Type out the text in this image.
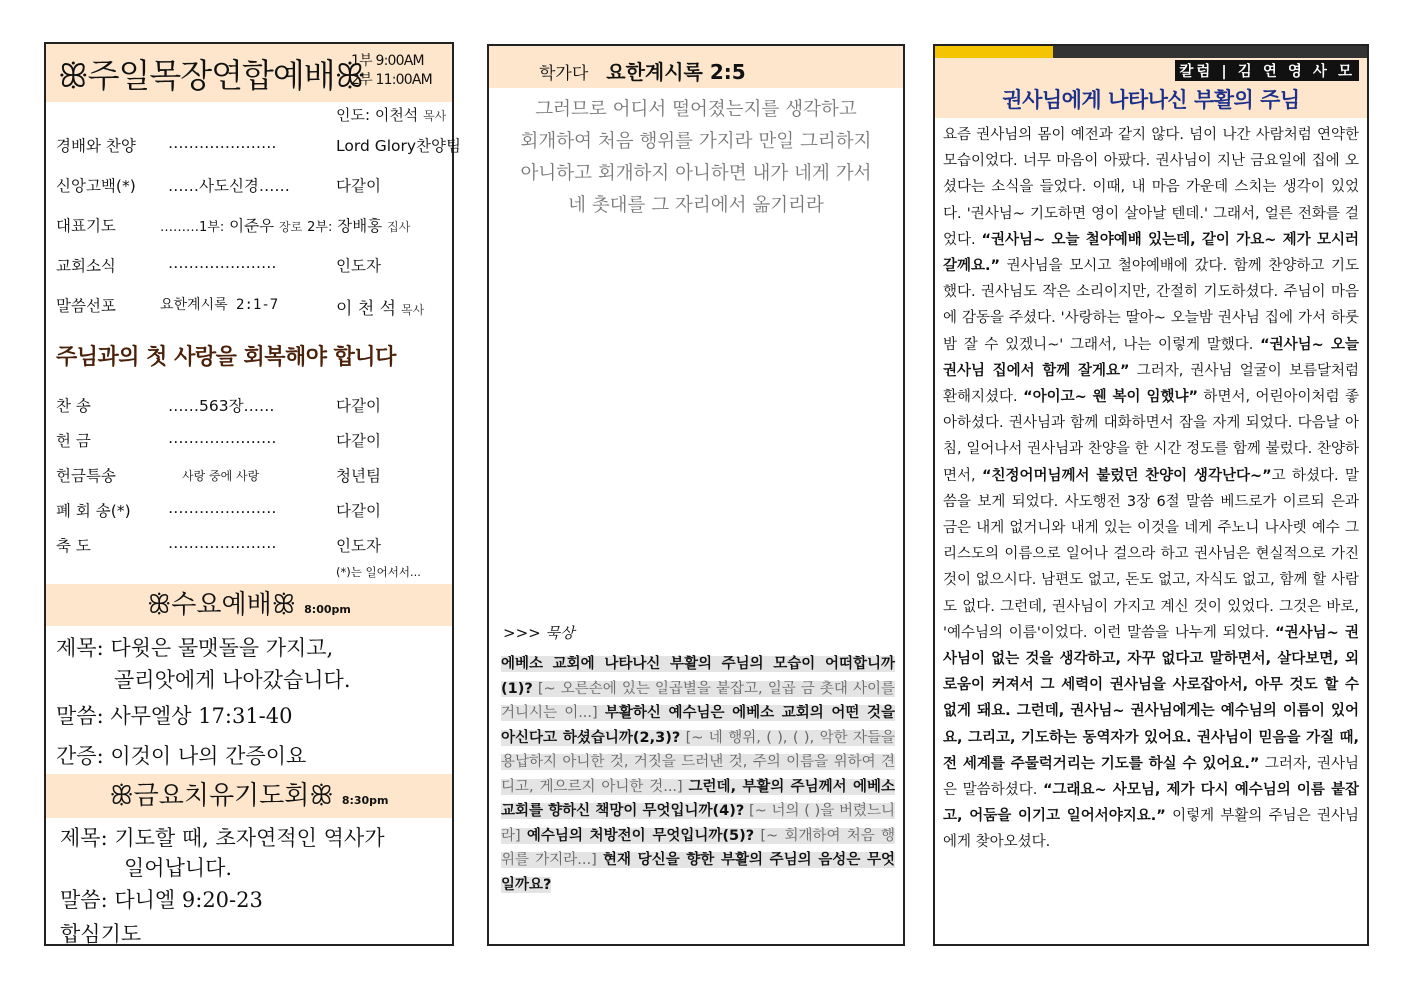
ꕥ주일목장연합예배ꕥ
1부 9:00AM
2부 11:00AM
인도: 이천석 목사
경배와 찬양 …………………	Lord Glory찬양팀
신앙고백(*) ……사도신경……	다같이
대표기도	………1부: 이준우 장로 2부: 장배홍 집사
교회소식	…………………	인도자
말씀선포	요한계시록 2:1-7	이 천 석 목사
주님과의 첫 사랑을 회복해야 합니다
찬 송	……563장……	다같이
헌 금	…………………	다같이
헌금특송	사랑 중에 사랑	청년팀
폐 회 송(*) …………………	다같이
축 도	…………………	인도자
(*)는 일어서서...
ꕥ수요예배ꕥ 8:00pm
제목: 다윗은 물맷돌을 가지고,
골리앗에게 나아갔습니다.
말씀: 사무엘상 17:31-40
간증: 이것이 나의 간증이요
ꕥ금요치유기도회ꕥ 8:30pm
제목: 기도할 때, 초자연적인 역사가
일어납니다.
말씀: 다니엘 9:20-23
합심기도
학가다 요한계시록 2:5
그러므로 어디서 떨어졌는지를 생각하고
회개하여 처음 행위를 가지라 만일 그리하지
아니하고 회개하지 아니하면 내가 네게 가서
네 촛대를 그 자리에서 옮기리라
>>> 묵상
에베소 교회에 나타나신 부활의 주님의 모습이 어떠합니까(1)? [~ 오른손에 있는 일곱별을 붙잡고, 일곱 금 촛대 사이를 거니시는 이...] 부활하신 예수님은 에베소 교회의 어떤 것을 아신다고 하셨습니까(2,3)? [~ 네 행위, ( ), ( ), 악한 자들을 용납하지 아니한 것, 거짓을 드러낸 것, 주의 이름을 위하여 견디고, 게으르지 아니한 것...] 그런데, 부활의 주님께서 에베소 교회를 향하신 책망이 무엇입니까(4)? [~ 너의 ( )을 버렸느니라] 예수님의 처방전이 무엇입니까(5)? [~ 회개하여 처음 행위를 가지라...] 현재 당신을 향한 부활의 주님의 음성은 무엇일까요?
칼럼 | 김 연 영 사 모
권사님에게 나타나신 부활의 주님
요즘 권사님의 몸이 예전과 같지 않다. 넘이 나간 사람처럼 연약한 모습이었다. 너무 마음이 아팠다. 권사님이 지난 금요일에 집에 오셨다는 소식을 들었다. 이때, 내 마음 가운데 스치는 생각이 있었다. '권사님~ 기도하면 영이 살아날 텐데.' 그래서, 얼른 전화를 걸었다. “권사님~ 오늘 철야예배 있는데, 같이 가요~ 제가 모시러 갈께요.” 권사님을 모시고 철야예배에 갔다. 함께 찬양하고 기도했다. 권사님도 작은 소리이지만, 간절히 기도하셨다. 주님이 마음에 감동을 주셨다. '사랑하는 딸아~ 오늘밤 권사님 집에 가서 하룻밤 잘 수 있겠니~' 그래서, 나는 이렇게 말했다. “권사님~ 오늘 권사님 집에서 함께 잘게요” 그러자, 권사님 얼굴이 보름달처럼 환해지셨다. “아이고~ 웬 복이 임했냐” 하면서, 어린아이처럼 좋아하셨다. 권사님과 함께 대화하면서 잠을 자게 되었다. 다음날 아침, 일어나서 권사님과 찬양을 한 시간 정도를 함께 불렀다. 찬양하면서, “친정어머님께서 불렀던 찬양이 생각난다~”고 하셨다. 말씀을 보게 되었다. 사도행전 3장 6절 말씀 베드로가 이르되 은과 금은 내게 없거니와 내게 있는 이것을 네게 주노니 나사렛 예수 그리스도의 이름으로 일어나 걸으라 하고 권사님은 현실적으로 가진 것이 없으시다. 남편도 없고, 돈도 없고, 자식도 없고, 함께 할 사람도 없다. 그런데, 권사님이 가지고 계신 것이 있었다. 그것은 바로, '예수님의 이름'이었다. 이런 말씀을 나누게 되었다. “권사님~ 권사님이 없는 것을 생각하고, 자꾸 없다고 말하면서, 살다보면, 외로움이 커져서 그 세력이 권사님을 사로잡아서, 아무 것도 할 수 없게 돼요. 그런데, 권사님~ 권사님에게는 예수님의 이름이 있어요, 그리고, 기도하는 동역자가 있어요. 권사님이 믿음을 가질 때, 전 세계를 주물럭거리는 기도를 하실 수 있어요.” 그러자, 권사님은 말씀하셨다. “그래요~ 사모님, 제가 다시 예수님의 이름 붙잡고, 어둠을 이기고 일어서야지요.” 이렇게 부활의 주님은 권사님에게 찾아오셨다.
